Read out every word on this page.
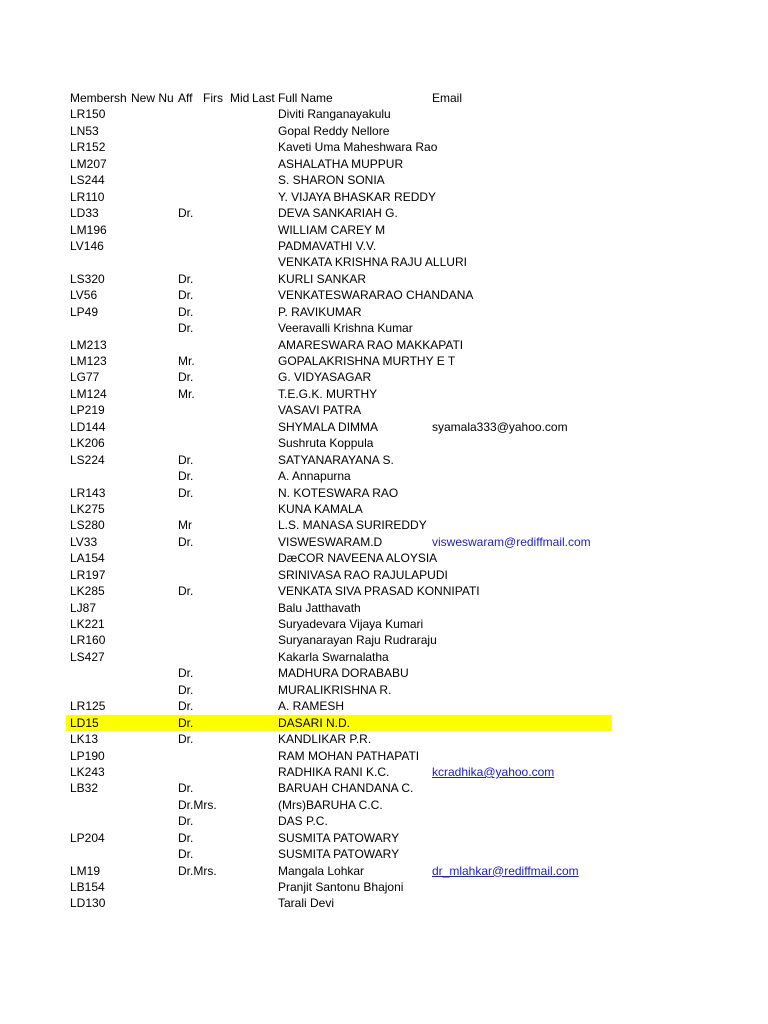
Membersh New Nu Aff Firs Mid Last Full Name	Email
LR150	Diviti Ranganayakulu
LN53	Gopal Reddy Nellore
LR152	Kaveti Uma Maheshwara Rao
LM207	ASHALATHA MUPPUR
LS244	S. SHARON SONIA
LR110	Y. VIJAYA BHASKAR REDDY
LD33	Dr.	DEVA SANKARIAH G.
LM196	WILLIAM CAREY M
LV146	PADMAVATHI V.V.
VENKATA KRISHNA RAJU ALLURI
LS320	Dr.	KURLI SANKAR
LV56	Dr.	VENKATESWARARAO CHANDANA
LP49	Dr.	P. RAVIKUMAR
Dr.	Veeravalli Krishna Kumar
LM213	AMARESWARA RAO MAKKAPATI
LM123	Mr.	GOPALAKRISHNA MURTHY E T
LG77	Dr.	G. VIDYASAGAR
LM124	Mr.	T.E.G.K. MURTHY
LP219	VASAVI PATRA
LD144	SHYMALA DIMMA	syamala333@yahoo.com
LK206	Sushruta Koppula
LS224	Dr.	SATYANARAYANA S.
Dr.	A. Annapurna
LR143	Dr.	N. KOTESWARA RAO
LK275	KUNA KAMALA
LS280	Mr	L.S. MANASA SURIREDDY
LV33	Dr.	VISWESWARAM.D	visweswaram@rediffmail.com
LA154	DæCOR NAVEENA ALOYSIA
LR197	SRINIVASA RAO RAJULAPUDI
LK285	Dr.	VENKATA SIVA PRASAD KONNIPATI
LJ87	Balu Jatthavath
LK221	Suryadevara Vijaya Kumari
LR160	Suryanarayan Raju Rudraraju
LS427	Kakarla Swarnalatha
Dr.	MADHURA DORABABU
Dr.	MURALIKRISHNA R.
LR125	Dr.	A. RAMESH
LD15	Dr.	DASARI N.D.
LK13	Dr.	KANDLIKAR P.R.
LP190	RAM MOHAN PATHAPATI
LK243	RADHIKA RANI K.C.	kcradhika@yahoo.com
LB32	Dr.	BARUAH CHANDANA C.
Dr.Mrs.	(Mrs)BARUHA C.C.
Dr.	DAS P.C.
LP204	Dr.	SUSMITA PATOWARY
Dr.	SUSMITA PATOWARY
LM19	Dr.Mrs.	Mangala Lohkar	dr_mlahkar@rediffmail.com
LB154	Pranjit Santonu Bhajoni
LD130	Tarali Devi
